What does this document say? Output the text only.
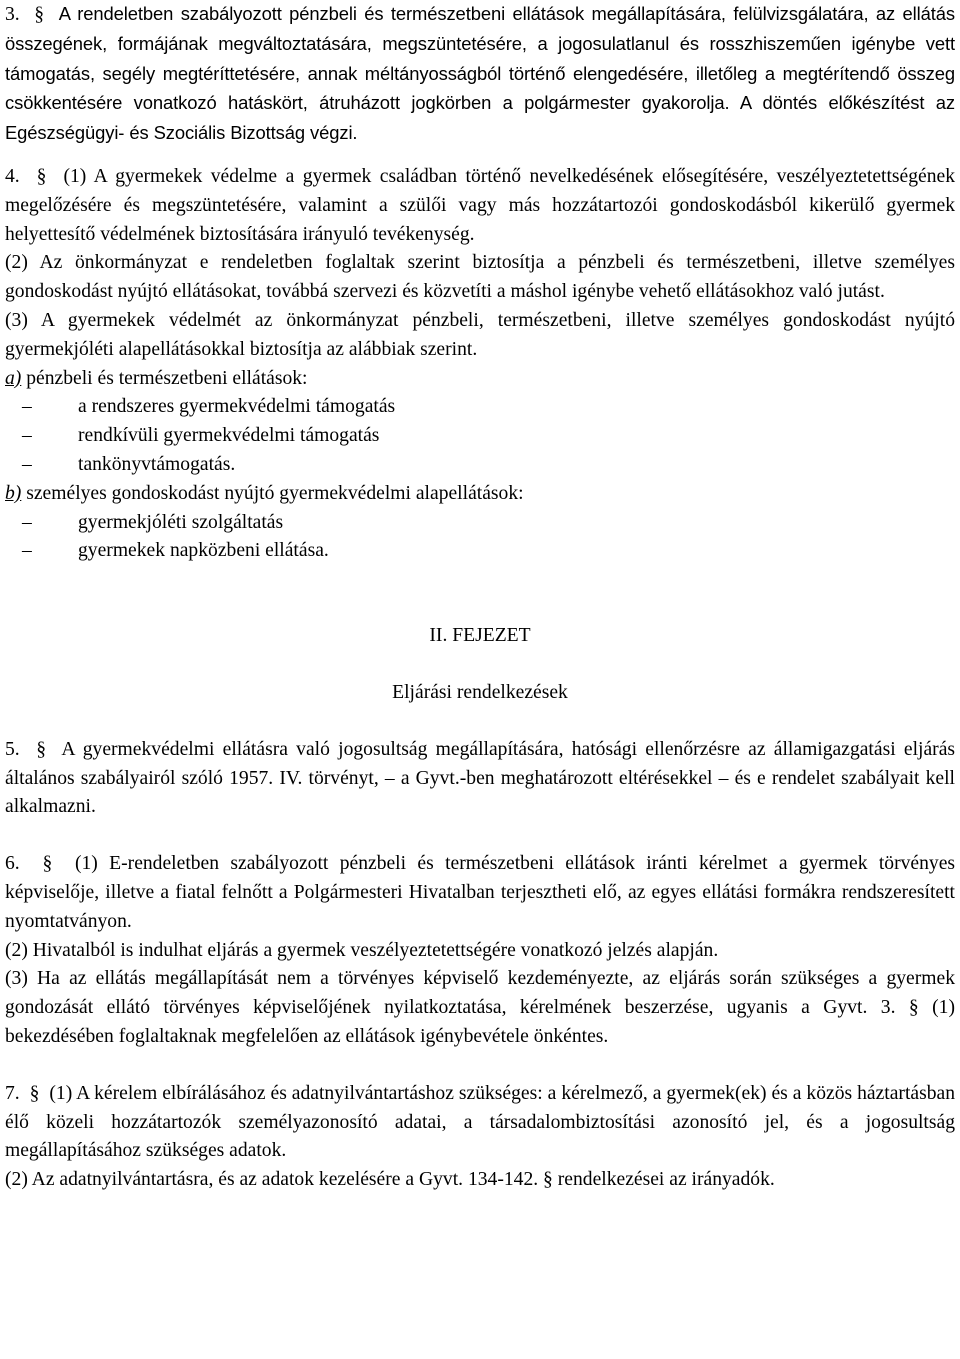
3. § A rendeletben szabályozott pénzbeli és természetbeni ellátások megállapítására, felülvizsgálatára, az ellátás összegének, formájának megváltoztatására, megszüntetésére, a jogosulatlanul és rosszhiszeműen igénybe vett támogatás, segély megtéríttetésére, annak méltányosságból történő elengedésére, illetőleg a megtérítendő összeg csökkentésére vonatkozó hatáskört, átruházott jogkörben a polgármester gyakorolja. A döntés előkészítést az Egészségügyi- és Szociális Bizottság végzi.

4. § (1) A gyermekek védelme a gyermek családban történő nevelkedésének elősegítésére, veszélyeztetettségének megelőzésére és megszüntetésére, valamint a szülői vagy más hozzátartozói gondoskodásból kikerülő gyermek helyettesítő védelmének biztosítására irányuló tevékenység.

(2) Az önkormányzat e rendeletben foglaltak szerint biztosítja a pénzbeli és természetbeni, illetve személyes gondoskodást nyújtó ellátásokat, továbbá szervezi és közvetíti a máshol igénybe vehető ellátásokhoz való jutást.

(3) A gyermekek védelmét az önkormányzat pénzbeli, természetbeni, illetve személyes gondoskodást nyújtó gyermekjóléti alapellátásokkal biztosítja az alábbiak szerint.

a) pénzbeli és természetbeni ellátások:

– a rendszeres gyermekvédelmi támogatás

– rendkívüli gyermekvédelmi támogatás

– tankönyvtámogatás.

b) személyes gondoskodást nyújtó gyermekvédelmi alapellátások:

– gyermekjóléti szolgáltatás

– gyermekek napközbeni ellátása.

II. FEJEZET

Eljárási rendelkezések

5. § A gyermekvédelmi ellátásra való jogosultság megállapítására, hatósági ellenőrzésre az államigazgatási eljárás általános szabályairól szóló 1957. IV. törvényt, – a Gyvt.-ben meghatározott eltérésekkel – és e rendelet szabályait kell alkalmazni.

6. § (1) E-rendeletben szabályozott pénzbeli és természetbeni ellátások iránti kérelmet a gyermek törvényes képviselője, illetve a fiatal felnőtt a Polgármesteri Hivatalban terjesztheti elő, az egyes ellátási formákra rendszeresített nyomtatványon.

(2) Hivatalból is indulhat eljárás a gyermek veszélyeztetettségére vonatkozó jelzés alapján.

(3) Ha az ellátás megállapítását nem a törvényes képviselő kezdeményezte, az eljárás során szükséges a gyermek gondozását ellátó törvényes képviselőjének nyilatkoztatása, kérelmének beszerzése, ugyanis a Gyvt. 3. § (1) bekezdésében foglaltaknak megfelelően az ellátások igénybevétele önkéntes.

7. § (1) A kérelem elbírálásához és adatnyilvántartáshoz szükséges: a kérelmező, a gyermek(ek) és a közös háztartásban élő közeli hozzátartozók személyazonosító adatai, a társadalombiztosítási azonosító jel, és a jogosultság megállapításához szükséges adatok.

(2) Az adatnyilvántartásra, és az adatok kezelésére a Gyvt. 134-142. § rendelkezései az irányadók.
